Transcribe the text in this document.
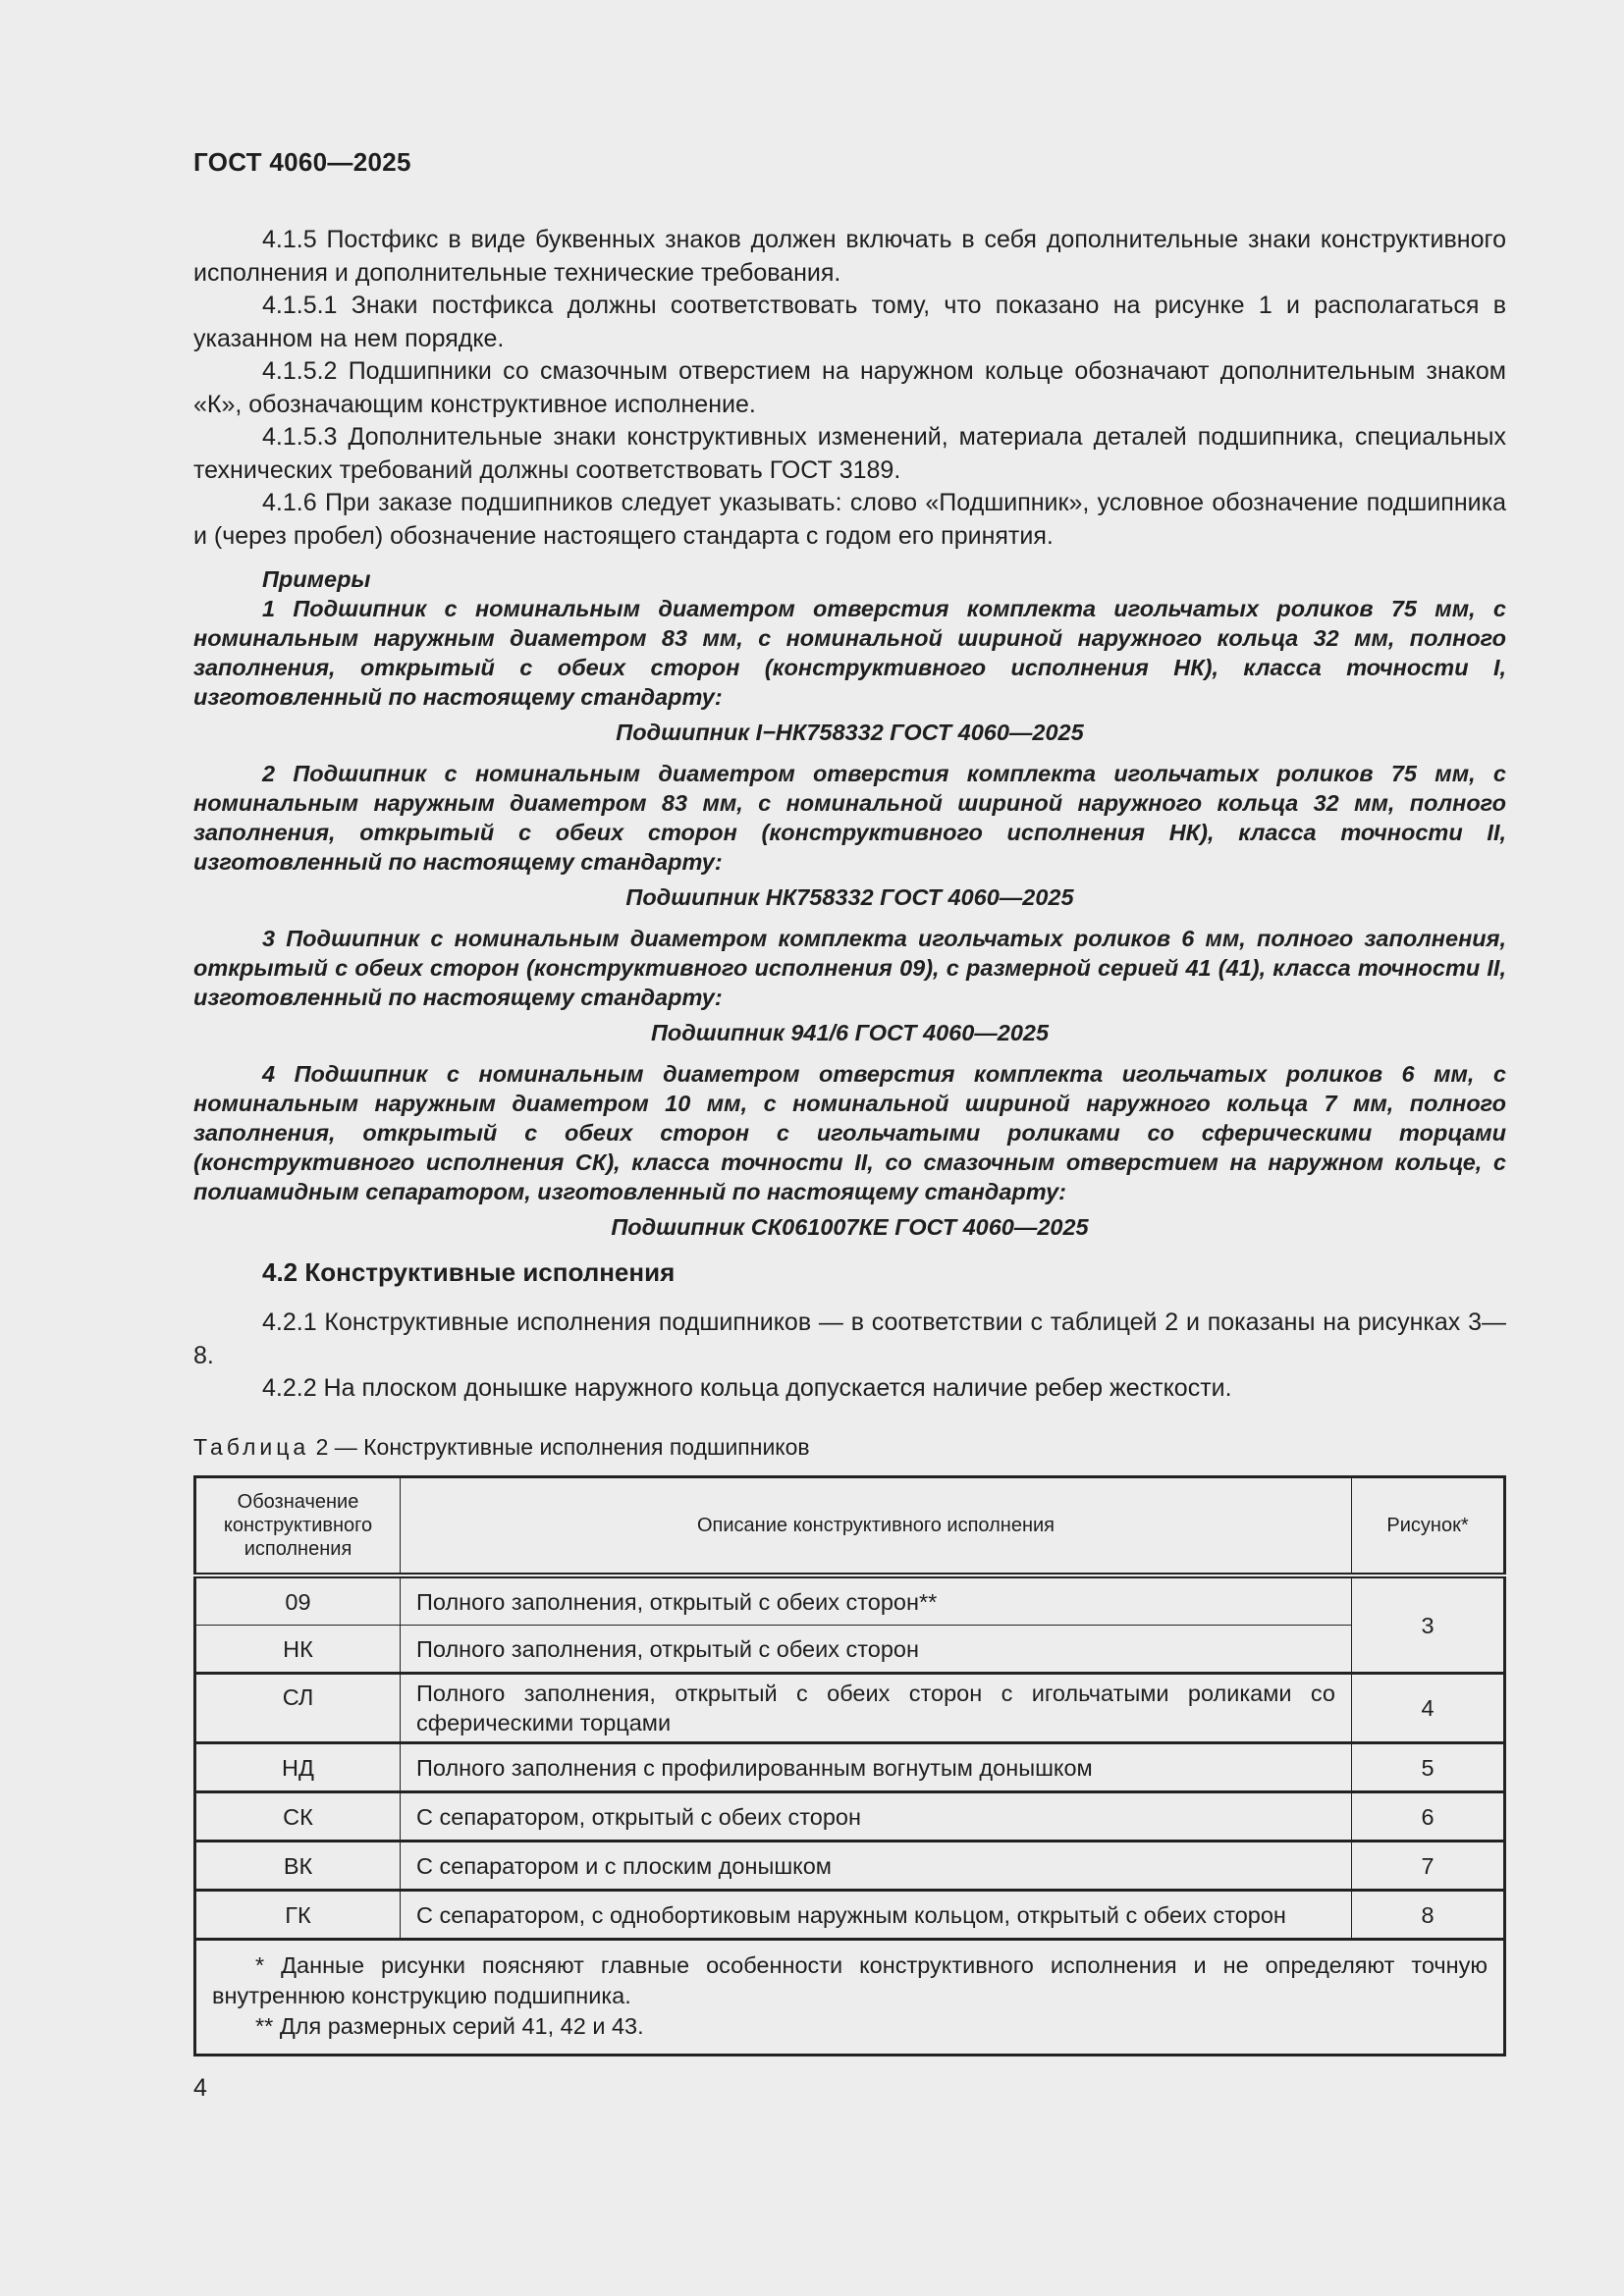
ГОСТ 4060—2025

4.1.5 Постфикс в виде буквенных знаков должен включать в себя дополнительные знаки конструктивного исполнения и дополнительные технические требования.

4.1.5.1 Знаки постфикса должны соответствовать тому, что показано на рисунке 1 и располагаться в указанном на нем порядке.

4.1.5.2 Подшипники со смазочным отверстием на наружном кольце обозначают дополнительным знаком «К», обозначающим конструктивное исполнение.

4.1.5.3 Дополнительные знаки конструктивных изменений, материала деталей подшипника, специальных технических требований должны соответствовать ГОСТ 3189.

4.1.6 При заказе подшипников следует указывать: слово «Подшипник», условное обозначение подшипника и (через пробел) обозначение настоящего стандарта с годом его принятия.

Примеры

1 Подшипник с номинальным диаметром отверстия комплекта игольчатых роликов 75 мм, с номинальным наружным диаметром 83 мм, с номинальной шириной наружного кольца 32 мм, полного заполнения, открытый с обеих сторон (конструктивного исполнения НК), класса точности I, изготовленный по настоящему стандарту:

Подшипник I−НК758332 ГОСТ 4060—2025

2 Подшипник с номинальным диаметром отверстия комплекта игольчатых роликов 75 мм, с номинальным наружным диаметром 83 мм, с номинальной шириной наружного кольца 32 мм, полного заполнения, открытый с обеих сторон (конструктивного исполнения НК), класса точности II, изготовленный по настоящему стандарту:

Подшипник НК758332 ГОСТ 4060—2025

3 Подшипник с номинальным диаметром комплекта игольчатых роликов 6 мм, полного заполнения, открытый с обеих сторон (конструктивного исполнения 09), с размерной серией 41 (41), класса точности II, изготовленный по настоящему стандарту:

Подшипник 941/6 ГОСТ 4060—2025

4 Подшипник с номинальным диаметром отверстия комплекта игольчатых роликов 6 мм, с номинальным наружным диаметром 10 мм, с номинальной шириной наружного кольца 7 мм, полного заполнения, открытый с обеих сторон с игольчатыми роликами со сферическими торцами (конструктивного исполнения СК), класса точности II, со смазочным отверстием на наружном кольце, с полиамидным сепаратором, изготовленный по настоящему стандарту:

Подшипник СК061007КЕ ГОСТ 4060—2025

4.2 Конструктивные исполнения

4.2.1 Конструктивные исполнения подшипников — в соответствии с таблицей 2 и показаны на рисунках 3—8.

4.2.2 На плоском донышке наружного кольца допускается наличие ребер жесткости.

Таблица 2 — Конструктивные исполнения подшипников
Обозначение конструктивного исполнения	Описание конструктивного исполнения	Рисунок*
09	Полного заполнения, открытый с обеих сторон**	3
НК	Полного заполнения, открытый с обеих сторон	
СЛ	Полного заполнения, открытый с обеих сторон с игольчатыми роликами со сферическими торцами	4
НД	Полного заполнения с профилированным вогнутым донышком	5
СК	С сепаратором, открытый с обеих сторон	6
ВК	С сепаратором и с плоским донышком	7
ГК	С сепаратором, с однобортиковым наружным кольцом, открытый с обеих сторон	8

* Данные рисунки поясняют главные особенности конструктивного исполнения и не определяют точную внутреннюю конструкцию подшипника.

** Для размерных серий 41, 42 и 43.		

4
